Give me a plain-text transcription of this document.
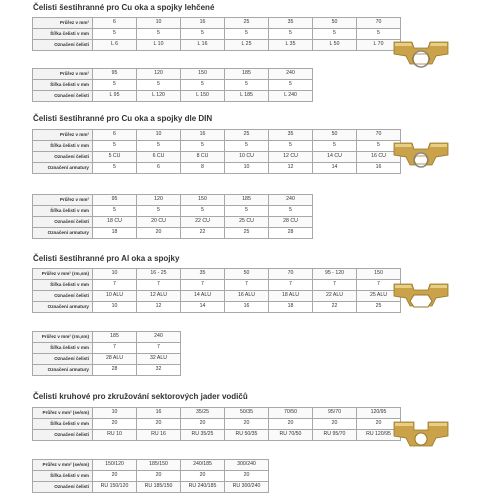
Čelisti šestihranné pro Cu oka a spojky lehčené
Průřez v mm²	6	10	16	25	35	50	70
Šířka čelisti v mm	5	5	5	5	5	5	5
Označení čelisti	L 6	L 10	L 16	L 25	L 35	L 50	L 70
Průřez v mm²	95	120	150	185	240
Šířka čelisti v mm	5	5	5	5	5
Označení čelisti	L 95	L 120	L 150	L 185	L 240
Čelisti šestihranné pro Cu oka a spojky dle DIN
Průřez v mm²	6	10	16	25	35	50	70
Šířka čelisti v mm	5	5	5	5	5	5	5
Označení čelisti	5 CU	6 CU	8 CU	10 CU	12 CU	14 CU	16 CU
Označení armatury	5	6	8	10	12	14	16
Průřez v mm²	95	120	150	185	240
Šířka čelisti v mm	5	5	5	5	5
Označení čelisti	18 CU	20 CU	22 CU	25 CU	28 CU
Označení armatury	18	20	22	25	28
Čelisti šestihranné pro Al oka a spojky
Průřez v mm² (rm,sm)	10	16 - 25	35	50	70	95 - 120	150
Šířka čelisti v mm	7	7	7	7	7	7	7
Označení čelisti	10 ALU	12 ALU	14 ALU	16 ALU	18 ALU	22 ALU	25 ALU
Označení armatury	10	12	14	16	18	22	25
Průřez v mm² (rm,sm)	185	240
Šířka čelisti v mm	7	7
Označení čelisti	28 ALU	32 ALU
Označení armatury	28	32
Čelisti kruhové pro zkružování sektorových jader vodičů
Průřez v mm² (se/sm)	10	16	35/25	50/35	70/50	95/70	120/95
Šířka čelisti v mm	20	20	20	20	20	20	20
Označení čelisti	RU 10	RU 16	RU 35/25	RU 50/35	RU 70/50	RU 95/70	RU 120/95
Průřez v mm² (se/sm)	150/120	185/150	240/185	300/240
Šířka čelisti v mm	20	20	20	20
Označení čelisti	RU 150/120	RU 185/150	RU 240/185	RU 300/240
